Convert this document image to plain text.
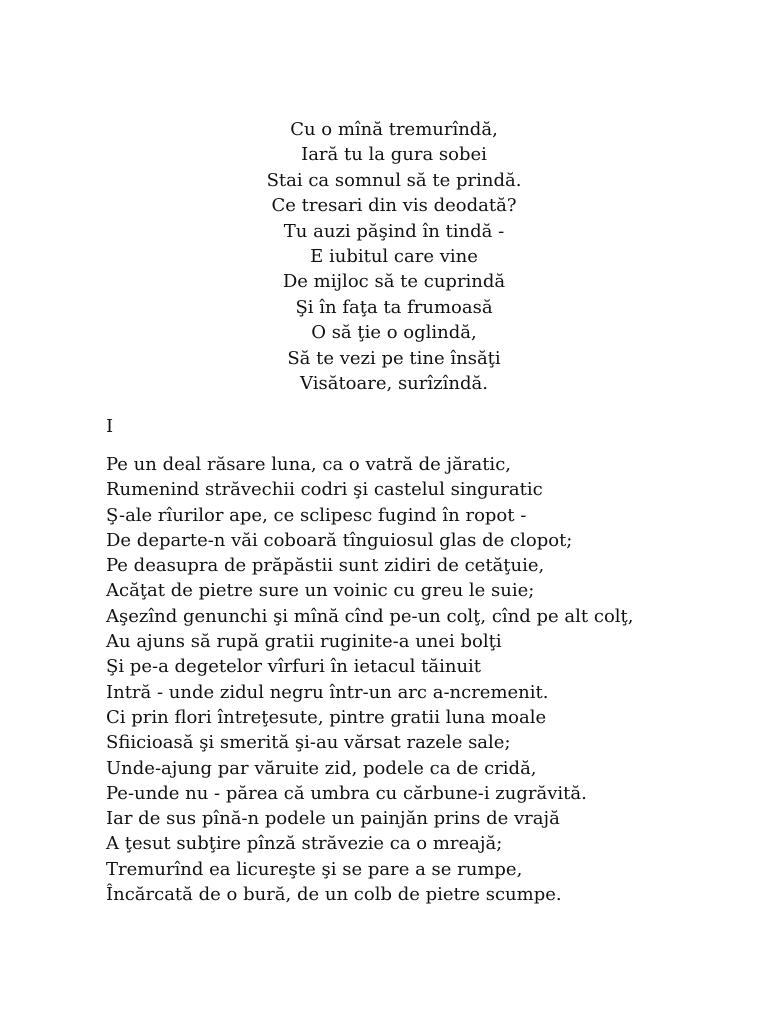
Cu o mînă tremurîndă,
Iară tu la gura sobei
Stai ca somnul să te prindă.
Ce tresari din vis deodată?
Tu auzi păşind în tindă -
E iubitul care vine
De mijloc să te cuprindă
Şi în faţa ta frumoasă
O să ţie o oglindă,
Să te vezi pe tine însăţi
Visătoare, surîzîndă.
I
Pe un deal răsare luna, ca o vatră de jăratic,
Rumenind străvechii codri şi castelul singuratic
Ş-ale rîurilor ape, ce sclipesc fugind în ropot -
De departe-n văi coboară tînguiosul glas de clopot;
Pe deasupra de prăpăstii sunt zidiri de cetăţuie,
Acăţat de pietre sure un voinic cu greu le suie;
Aşezînd genunchi şi mînă cînd pe-un colţ, cînd pe alt colţ,
Au ajuns să rupă gratii ruginite-a unei bolţi
Şi pe-a degetelor vîrfuri în ietacul tăinuit
Intră - unde zidul negru într-un arc a-ncremenit.
Ci prin flori întreţesute, pintre gratii luna moale
Sfiicioasă şi smerită şi-au vărsat razele sale;
Unde-ajung par văruite zid, podele ca de cridă,
Pe-unde nu - părea că umbra cu cărbune-i zugrăvită.
Iar de sus pînă-n podele un painjăn prins de vrajă
A ţesut subţire pînză străvezie ca o mreajă;
Tremurînd ea licureşte şi se pare a se rumpe,
Încărcată de o bură, de un colb de pietre scumpe.
